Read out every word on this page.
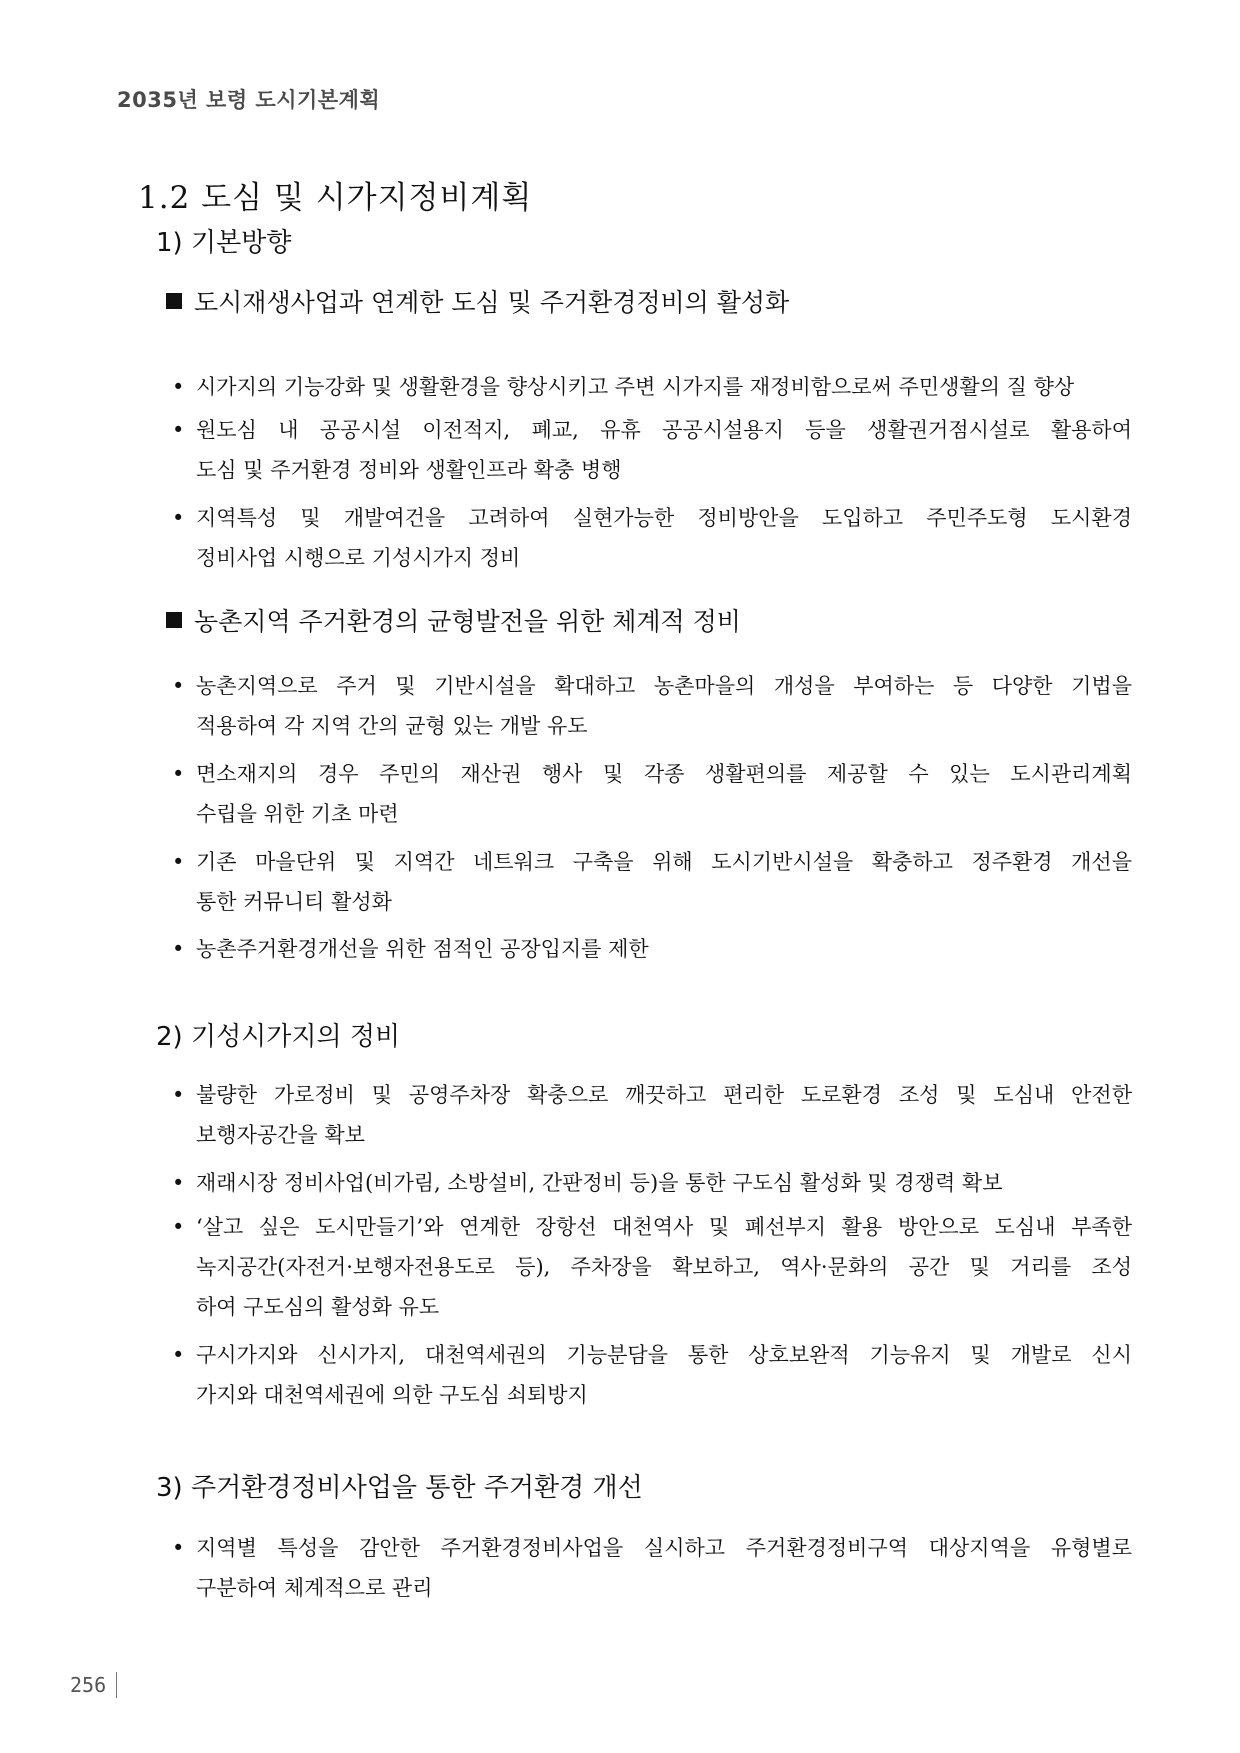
2035년 보령 도시기본계획
1.2 도심 및 시가지정비계획
1) 기본방향
도시재생사업과 연계한 도심 및 주거환경정비의 활성화
• 시가지의 기능강화 및 생활환경을 향상시키고 주변 시가지를 재정비함으로써 주민생활의 질 향상
• 원도심 내 공공시설 이전적지, 폐교, 유휴 공공시설용지 등을 생활권거점시설로 활용하여
도심 및 주거환경 정비와 생활인프라 확충 병행
• 지역특성 및 개발여건을 고려하여 실현가능한 정비방안을 도입하고 주민주도형 도시환경
정비사업 시행으로 기성시가지 정비
농촌지역 주거환경의 균형발전을 위한 체계적 정비
• 농촌지역으로 주거 및 기반시설을 확대하고 농촌마을의 개성을 부여하는 등 다양한 기법을
적용하여 각 지역 간의 균형 있는 개발 유도
• 면소재지의 경우 주민의 재산권 행사 및 각종 생활편의를 제공할 수 있는 도시관리계획
수립을 위한 기초 마련
• 기존 마을단위 및 지역간 네트워크 구축을 위해 도시기반시설을 확충하고 정주환경 개선을
통한 커뮤니티 활성화
• 농촌주거환경개선을 위한 점적인 공장입지를 제한
2) 기성시가지의 정비
• 불량한 가로정비 및 공영주차장 확충으로 깨끗하고 편리한 도로환경 조성 및 도심내 안전한
보행자공간을 확보
• 재래시장 정비사업(비가림, 소방설비, 간판정비 등)을 통한 구도심 활성화 및 경쟁력 확보
• ‘살고 싶은 도시만들기’와 연계한 장항선 대천역사 및 폐선부지 활용 방안으로 도심내 부족한
녹지공간(자전거·보행자전용도로 등), 주차장을 확보하고, 역사·문화의 공간 및 거리를 조성
하여 구도심의 활성화 유도
• 구시가지와 신시가지, 대천역세권의 기능분담을 통한 상호보완적 기능유지 및 개발로 신시
가지와 대천역세권에 의한 구도심 쇠퇴방지
3) 주거환경정비사업을 통한 주거환경 개선
• 지역별 특성을 감안한 주거환경정비사업을 실시하고 주거환경정비구역 대상지역을 유형별로
구분하여 체계적으로 관리
256
